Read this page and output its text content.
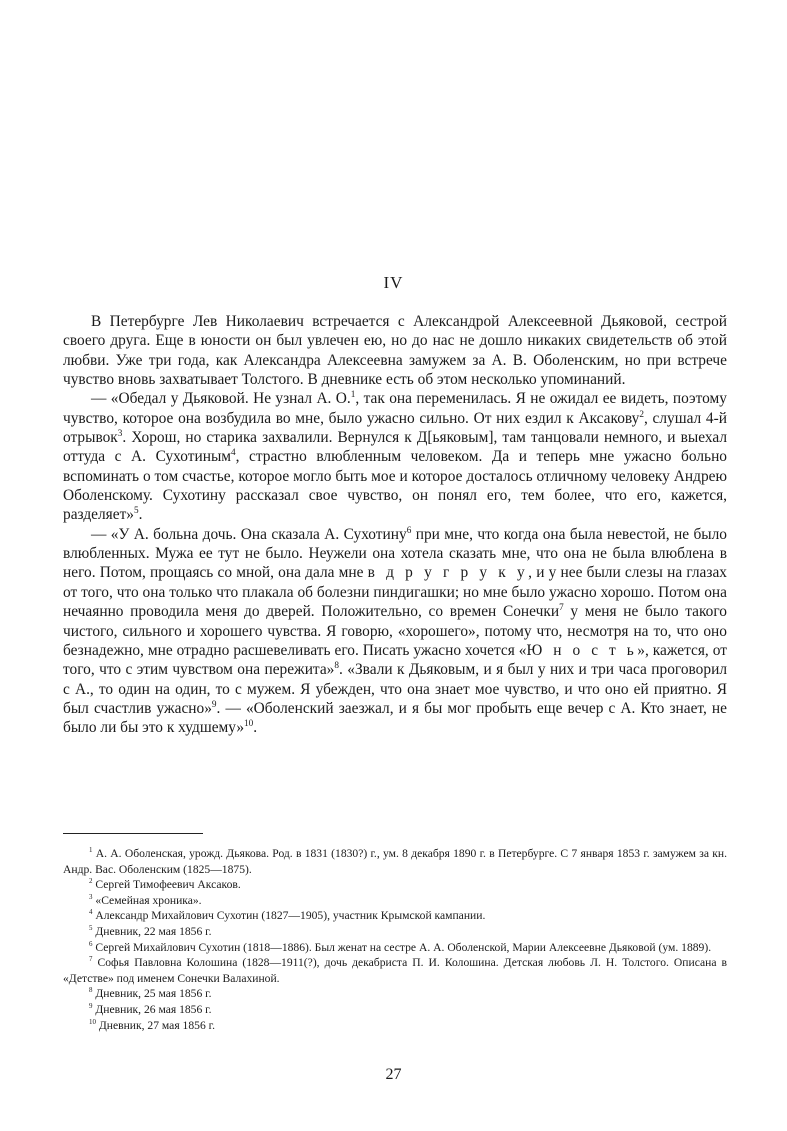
IV

В Петербурге Лев Николаевич встречается с Александрой Алексеевной Дьяковой, сестрой своего друга. Еще в юности он был увлечен ею, но до нас не дошло никаких свидетельств об этой любви. Уже три года, как Александра Алексеевна замужем за А. В. Оболенским, но при встрече чувство вновь захватывает Толстого. В дневнике есть об этом несколько упоминаний.

— «Обедал у Дьяковой. Не узнал А. О.$^1$, так она переменилась. Я не ожидал ее видеть, поэтому чувство, которое она возбудила во мне, было ужасно сильно. От них ездил к Аксакову$^2$, слушал 4-й отрывок$^3$. Хорош, но старика захвалили. Вернулся к Д[ьяковым], там танцовали немного, и выехал оттуда с А. Сухотиным$^4$, страстно влюбленным человеком. Да и теперь мне ужасно больно вспоминать о том счастье, которое могло быть мое и которое досталось отличному человеку Андрею Оболенскому. Сухотину рассказал свое чувство, он понял его, тем более, что его, кажется, разделяет»$^5$.

— «У А. больна дочь. Она сказала А. Сухотину$^6$ при мне, что когда она была невестой, не было влюбленных. Мужа ее тут не было. Неужели она хотела сказать мне, что она не была влюблена в него. Потом, прощаясь со мной, она дала мне в д р у г р у к у, и у нее были слезы на глазах от того, что она только что плакала об болезни пиндигашки; но мне было ужасно хорошо. Потом она нечаянно проводила меня до дверей. Положительно, со времен Сонечки$^7$ у меня не было такого чистого, сильного и хорошего чувства. Я говорю, «хорошего», потому что, несмотря на то, что оно безнадежно, мне отрадно расшевеливать его. Писать ужасно хочется «Ю н о с т ь», кажется, от того, что с этим чувством она пережита»$^8$. «Звали к Дьяковым, и я был у них и три часа проговорил с А., то один на один, то с мужем. Я убежден, что она знает мое чувство, и что оно ей приятно. Я был счастлив ужасно»$^9$. — «Оболенский заезжал, и я бы мог пробыть еще вечер с А. Кто знает, не было ли бы это к худшему»$^{10}$.

$^1$ А. А. Оболенская, урожд. Дьякова. Род. в 1831 (1830?) г., ум. 8 декабря 1890 г. в Петербурге. С 7 января 1853 г. замужем за кн. Андр. Вас. Оболенским (1825—1875).

$^2$ Сергей Тимофеевич Аксаков.

$^3$ «Семейная хроника».

$^4$ Александр Михайлович Сухотин (1827—1905), участник Крымской кампании.

$^5$ Дневник, 22 мая 1856 г.

$^6$ Сергей Михайлович Сухотин (1818—1886). Был женат на сестре А. А. Оболенской, Марии Алексеевне Дьяковой (ум. 1889).

$^7$ Софья Павловна Колошина (1828—1911(?), дочь декабриста П. И. Колошина. Детская любовь Л. Н. Толстого. Описана в «Детстве» под именем Сонечки Валахиной.

$^8$ Дневник, 25 мая 1856 г.

$^9$ Дневник, 26 мая 1856 г.

$^{10}$ Дневник, 27 мая 1856 г.

27
